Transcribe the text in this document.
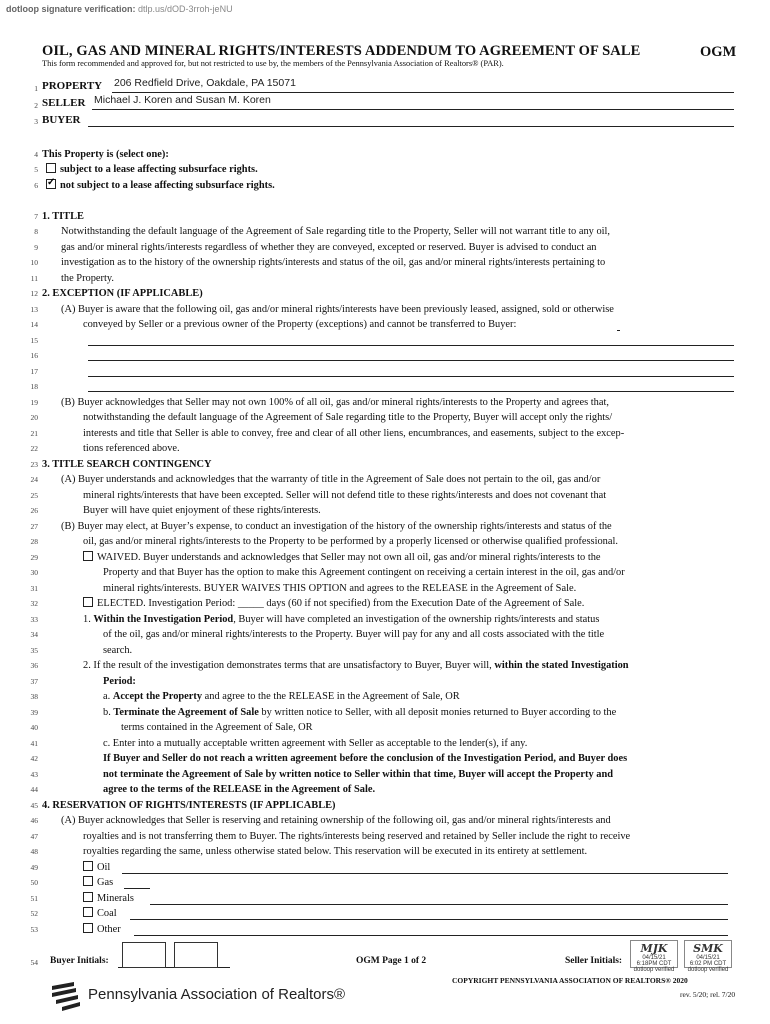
dotloop signature verification: dtlp.us/dOD-3rroh-jeNU
OIL, GAS AND MINERAL RIGHTS/INTERESTS ADDENDUM TO AGREEMENT OF SALE	OGM
This form recommended and approved for, but not restricted to use by, the members of the Pennsylvania Association of Realtors® (PAR).
1 PROPERTY 206 Redfield Drive, Oakdale, PA 15071
2 SELLER Michael J. Koren and Susan M. Koren
3 BUYER
4 This Property is (select one):
5	subject to a lease affecting subsurface rights.
6
✓	not subject to a lease affecting subsurface rights.
7 1. TITLE
8 Notwithstanding the default language of the Agreement of Sale regarding title to the Property, Seller will not warrant title to any oil,
9 gas and/or mineral rights/interests regardless of whether they are conveyed, excepted or reserved. Buyer is advised to conduct an
10 investigation as to the history of the ownership rights/interests and status of the oil, gas and/or mineral rights/interests pertaining to
11 the Property.
12 2. EXCEPTION (IF APPLICABLE)
13 (A) Buyer is aware that the following oil, gas and/or mineral rights/interests have been previously leased, assigned, sold or otherwise
14	conveyed by Seller or a previous owner of the Property (exceptions) and cannot be transferred to Buyer:
15
16
17
18
19 (B) Buyer acknowledges that Seller may not own 100% of all oil, gas and/or mineral rights/interests to the Property and agrees that,
20	notwithstanding the default language of the Agreement of Sale regarding title to the Property, Buyer will accept only the rights/
21	interests and title that Seller is able to convey, free and clear of all other liens, encumbrances, and easements, subject to the excep-
22	tions referenced above.
23 3. TITLE SEARCH CONTINGENCY
24 (A) Buyer understands and acknowledges that the warranty of title in the Agreement of Sale does not pertain to the oil, gas and/or
25	mineral rights/interests that have been excepted. Seller will not defend title to these rights/interests and does not covenant that
26	Buyer will have quiet enjoyment of these rights/interests.
27 (B) Buyer may elect, at Buyer’s expense, to conduct an investigation of the history of the ownership rights/interests and status of the
28	oil, gas and/or mineral rights/interests to the Property to be performed by a properly licensed or otherwise qualified professional.
29	WAIVED. Buyer understands and acknowledges that Seller may not own all oil, gas and/or mineral rights/interests to the
30	Property and that Buyer has the option to make this Agreement contingent on receiving a certain interest in the oil, gas and/or
31	mineral rights/interests. BUYER WAIVES THIS OPTION and agrees to the RELEASE in the Agreement of Sale.
32	ELECTED. Investigation Period: _____ days (60 if not specified) from the Execution Date of the Agreement of Sale.
33	1. Within the Investigation Period, Buyer will have completed an investigation of the ownership rights/interests and status
34	of the oil, gas and/or mineral rights/interests to the Property. Buyer will pay for any and all costs associated with the title
35	search.
36	2. If the result of the investigation demonstrates terms that are unsatisfactory to Buyer, Buyer will, within the stated Investigation
37	Period:
38	a. Accept the Property and agree to the the RELEASE in the Agreement of Sale, OR
39	b. Terminate the Agreement of Sale by written notice to Seller, with all deposit monies returned to Buyer according to the
40	terms contained in the Agreement of Sale, OR
41	c. Enter into a mutually acceptable written agreement with Seller as acceptable to the lender(s), if any.
42	If Buyer and Seller do not reach a written agreement before the conclusion of the Investigation Period, and Buyer does
43	not terminate the Agreement of Sale by written notice to Seller within that time, Buyer will accept the Property and
44	agree to the terms of the RELEASE in the Agreement of Sale.
45 4. RESERVATION OF RIGHTS/INTERESTS (IF APPLICABLE)
46 (A) Buyer acknowledges that Seller is reserving and retaining ownership of the following oil, gas and/or mineral rights/interests and
47	royalties and is not transferring them to Buyer. The rights/interests being reserved and retained by Seller include the right to receive
48	royalties regarding the same, unless otherwise stated below. This reservation will be executed in its entirety at settlement.
49	Oil
50	Gas
51	Minerals
52	Coal
53	Other
54 Buyer Initials:	OGM Page 1 of 2	Seller Initials:
MJK
04/15/21
6:18PM CDT
dotloop verified
SMK
04/15/21
6:02 PM CDT
dotloop verified
COPYRIGHT PENNSYLVANIA ASSOCIATION OF REALTORS® 2020
rev. 5/20; rel. 7/20
Pennsylvania Association of Realtors®
